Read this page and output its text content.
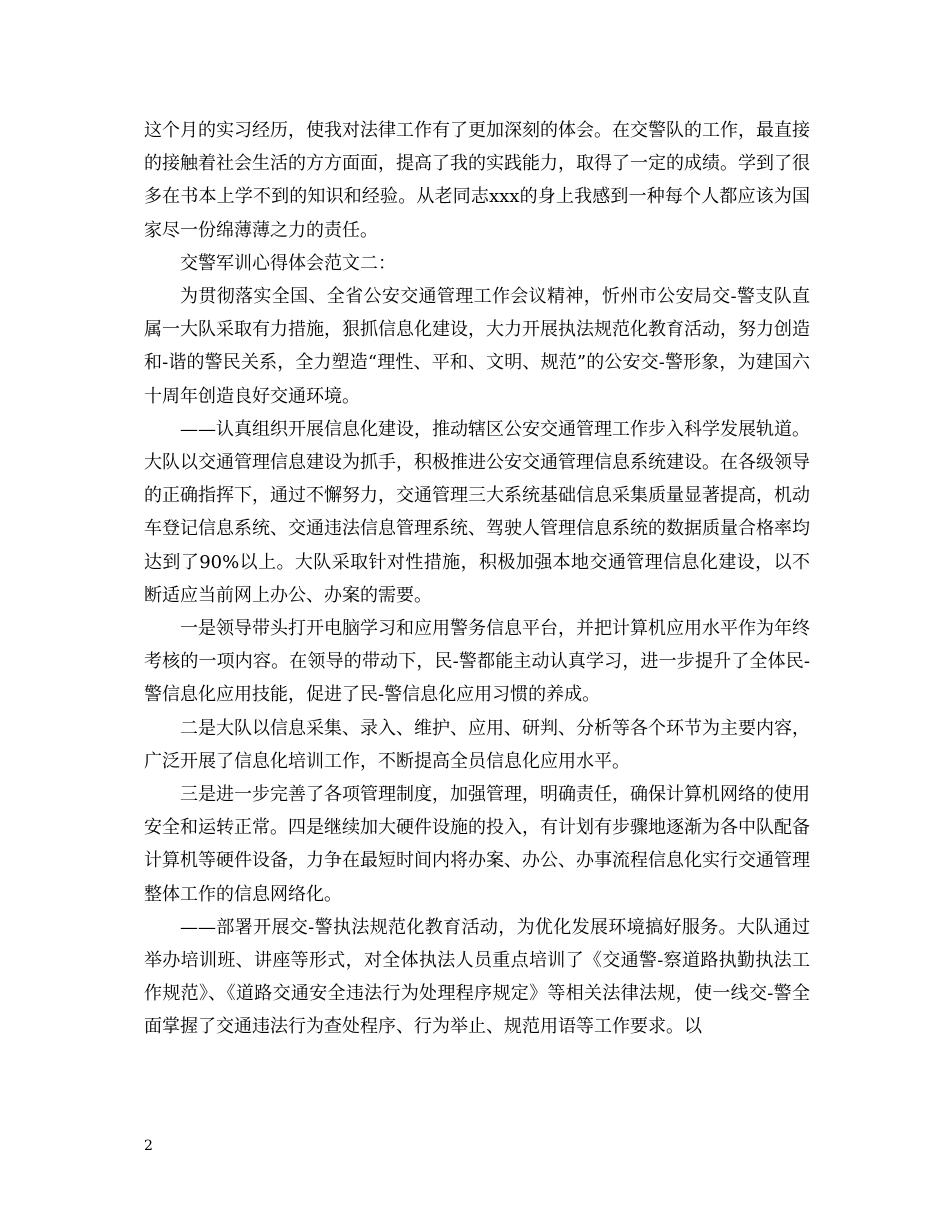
这个月的实习经历，使我对法律工作有了更加深刻的体会。在交警队的工作，最直接的接触着社会生活的方方面面，提高了我的实践能力，取得了一定的成绩。学到了很多在书本上学不到的知识和经验。从老同志xxx的身上我感到一种每个人都应该为国家尽一份绵薄薄之力的责任。

交警军训心得体会范文二：

为贯彻落实全国、全省公安交通管理工作会议精神，忻州市公安局交-警支队直属一大队采取有力措施，狠抓信息化建设，大力开展执法规范化教育活动，努力创造和-谐的警民关系，全力塑造“理性、平和、文明、规范”的公安交-警形象，为建国六十周年创造良好交通环境。

——认真组织开展信息化建设，推动辖区公安交通管理工作步入科学发展轨道。大队以交通管理信息建设为抓手，积极推进公安交通管理信息系统建设。在各级领导的正确指挥下，通过不懈努力，交通管理三大系统基础信息采集质量显著提高，机动车登记信息系统、交通违法信息管理系统、驾驶人管理信息系统的数据质量合格率均达到了90%以上。大队采取针对性措施，积极加强本地交通管理信息化建设，以不断适应当前网上办公、办案的需要。

一是领导带头打开电脑学习和应用警务信息平台，并把计算机应用水平作为年终考核的一项内容。在领导的带动下，民-警都能主动认真学习，进一步提升了全体民-警信息化应用技能，促进了民-警信息化应用习惯的养成。

二是大队以信息采集、录入、维护、应用、研判、分析等各个环节为主要内容，广泛开展了信息化培训工作，不断提高全员信息化应用水平。

三是进一步完善了各项管理制度，加强管理，明确责任，确保计算机网络的使用安全和运转正常。四是继续加大硬件设施的投入，有计划有步骤地逐渐为各中队配备计算机等硬件设备，力争在最短时间内将办案、办公、办事流程信息化实行交通管理整体工作的信息网络化。

——部署开展交-警执法规范化教育活动，为优化发展环境搞好服务。大队通过举办培训班、讲座等形式，对全体执法人员重点培训了《交通警-察道路执勤执法工作规范》、《道路交通安全违法行为处理程序规定》等相关法律法规，使一线交-警全面掌握了交通违法行为查处程序、行为举止、规范用语等工作要求。以

2
